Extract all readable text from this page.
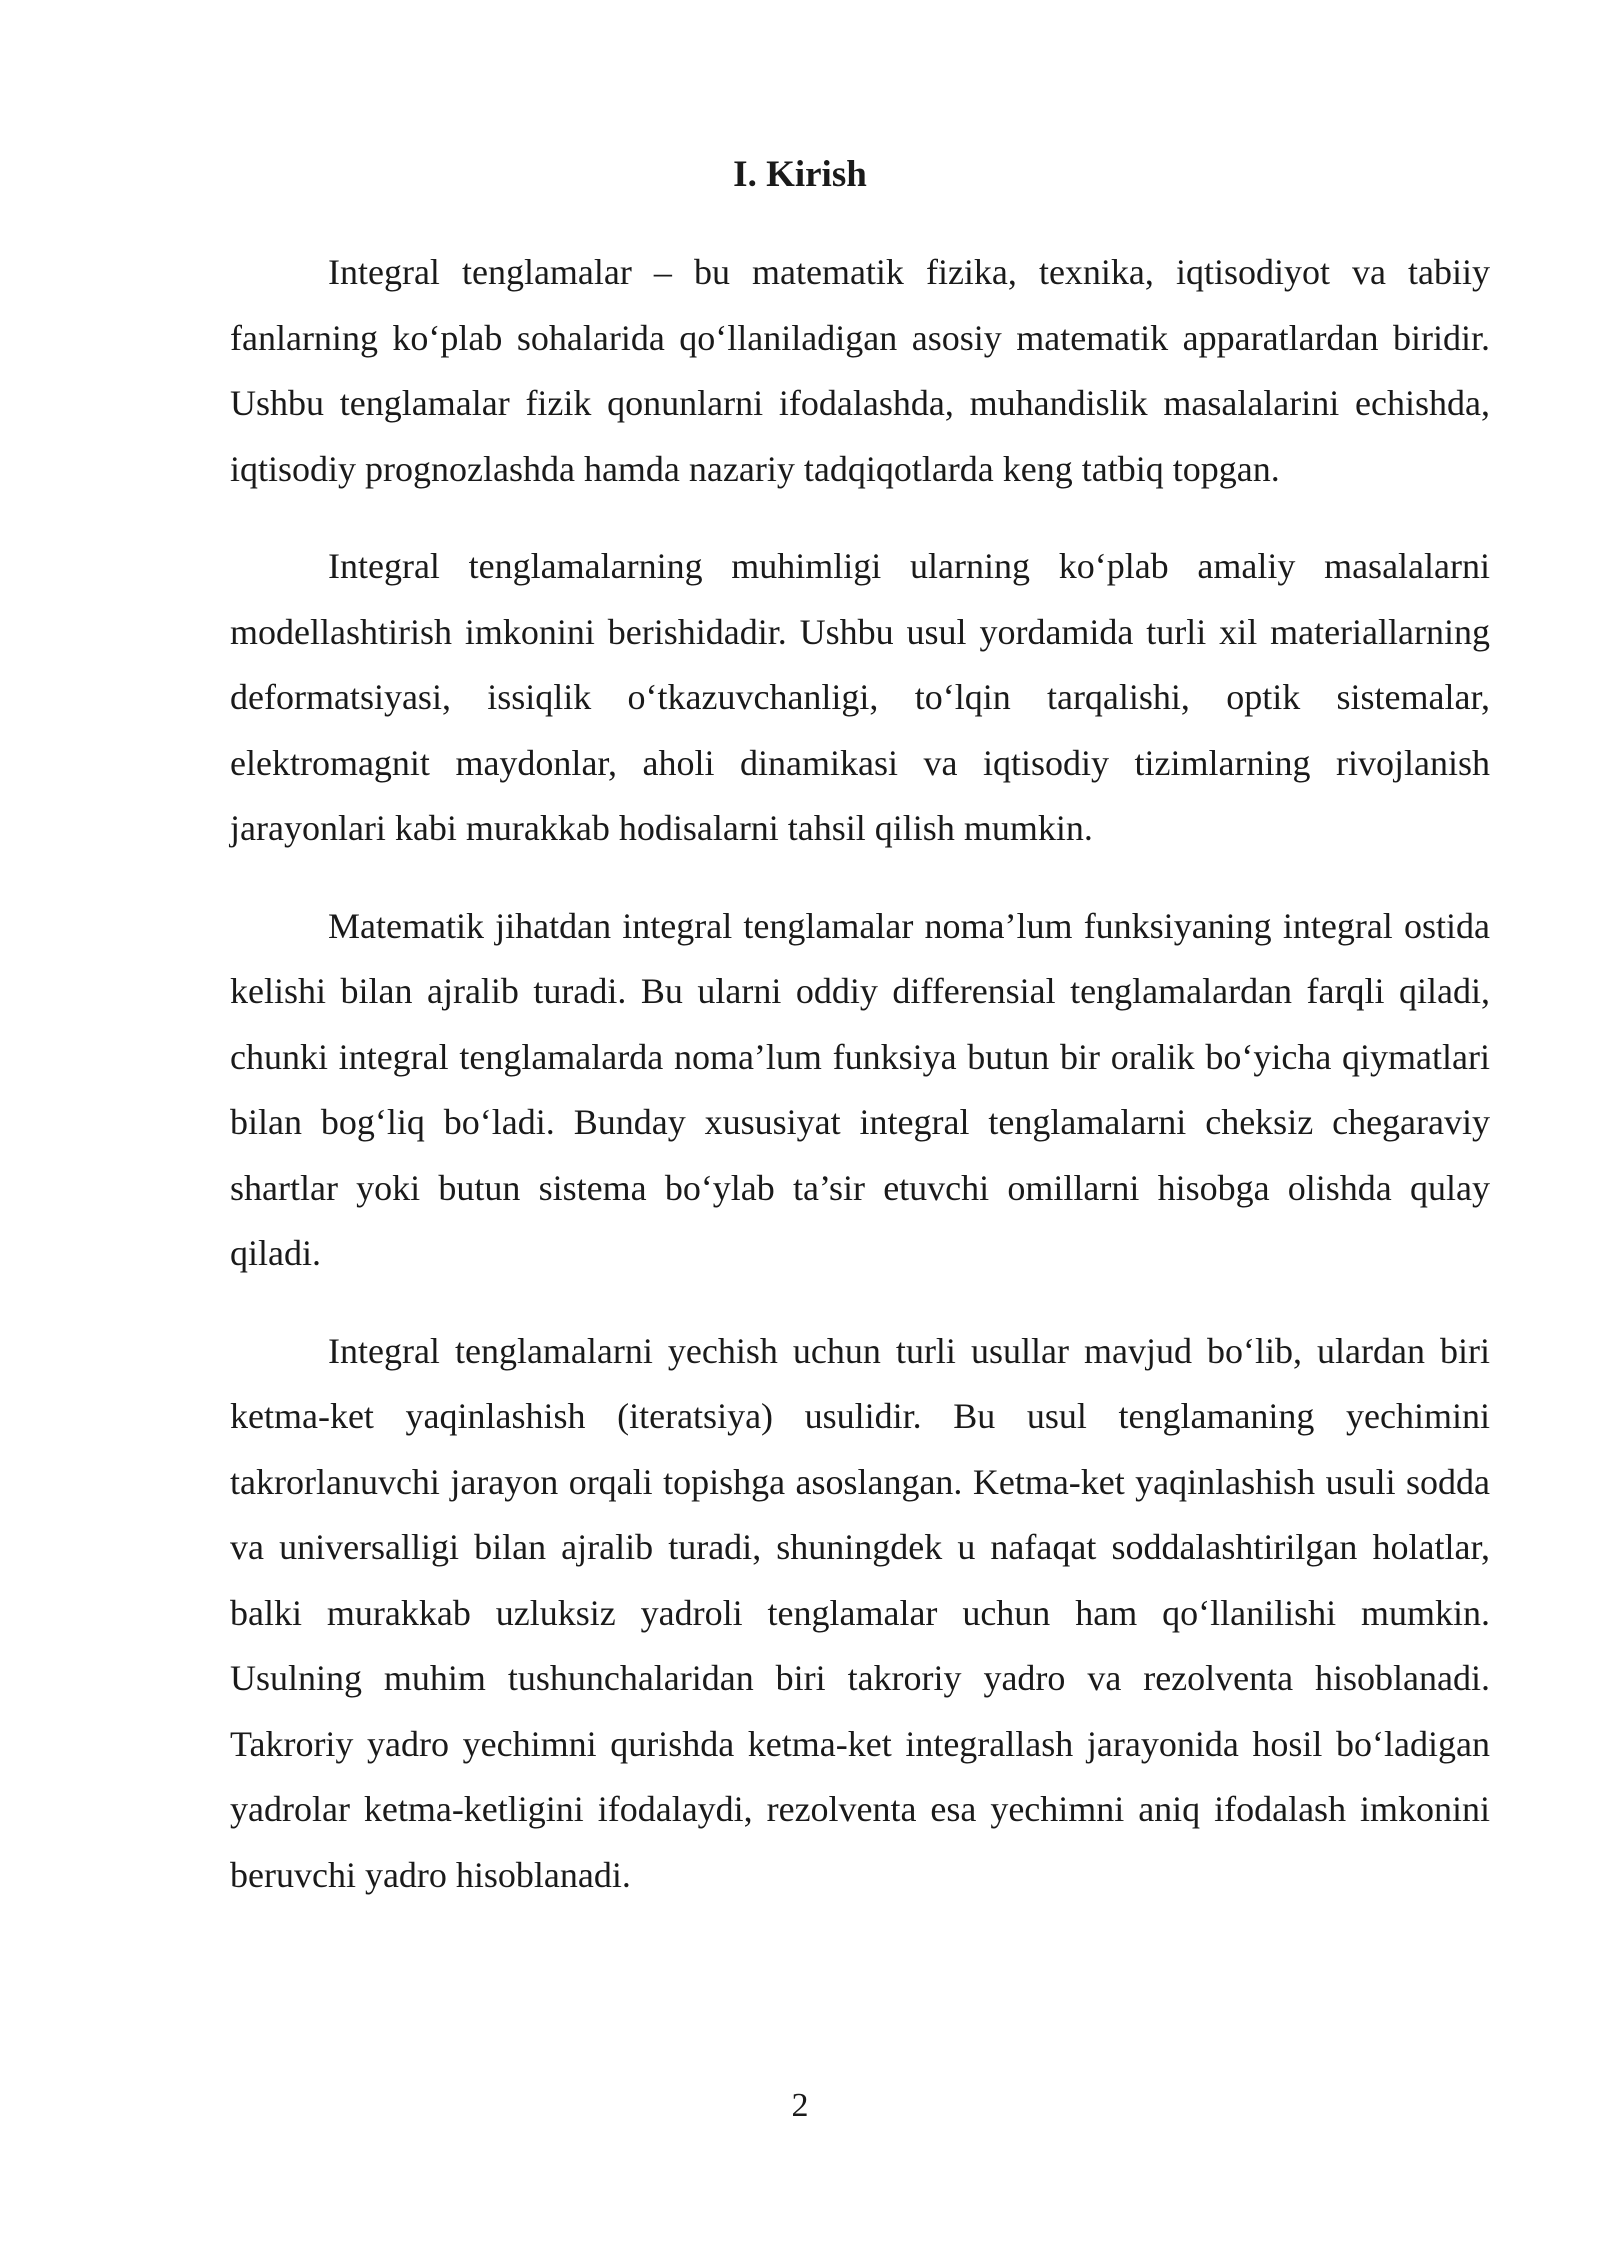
I. Kirish

Integral tenglamalar – bu matematik fizika, texnika, iqtisodiyot va tabiiy fanlarning ko‘plab sohalarida qo‘llaniladigan asosiy matematik apparatlardan biridir. Ushbu tenglamalar fizik qonunlarni ifodalashda, muhandislik masalalarini echishda, iqtisodiy prognozlashda hamda nazariy tadqiqotlarda keng tatbiq topgan.

Integral tenglamalarning muhimligi ularning ko‘plab amaliy masalalarni modellashtirish imkonini berishidadir. Ushbu usul yordamida turli xil materiallarning deformatsiyasi, issiqlik o‘tkazuvchanligi, to‘lqin tarqalishi, optik sistemalar, elektromagnit maydonlar, aholi dinamikasi va iqtisodiy tizimlarning rivojlanish jarayonlari kabi murakkab hodisalarni tahsil qilish mumkin.

Matematik jihatdan integral tenglamalar noma’lum funksiyaning integral ostida kelishi bilan ajralib turadi. Bu ularni oddiy differensial tenglamalardan farqli qiladi, chunki integral tenglamalarda noma’lum funksiya butun bir oralik bo‘yicha qiymatlari bilan bog‘liq bo‘ladi. Bunday xususiyat integral tenglamalarni cheksiz chegaraviy shartlar yoki butun sistema bo‘ylab ta’sir etuvchi omillarni hisobga olishda qulay qiladi.

Integral tenglamalarni yechish uchun turli usullar mavjud bo‘lib, ulardan biri ketma-ket yaqinlashish (iteratsiya) usulidir. Bu usul tenglamaning yechimini takrorlanuvchi jarayon orqali topishga asoslangan. Ketma-ket yaqinlashish usuli sodda va universalligi bilan ajralib turadi, shuningdek u nafaqat soddalashtirilgan holatlar, balki murakkab uzluksiz yadroli tenglamalar uchun ham qo‘llanilishi mumkin. Usulning muhim tushunchalaridan biri takroriy yadro va rezolventa hisoblanadi. Takroriy yadro yechimni qurishda ketma-ket integrallash jarayonida hosil bo‘ladigan yadrolar ketma-ketligini ifodalaydi, rezolventa esa yechimni aniq ifodalash imkonini beruvchi yadro hisoblanadi.

2
